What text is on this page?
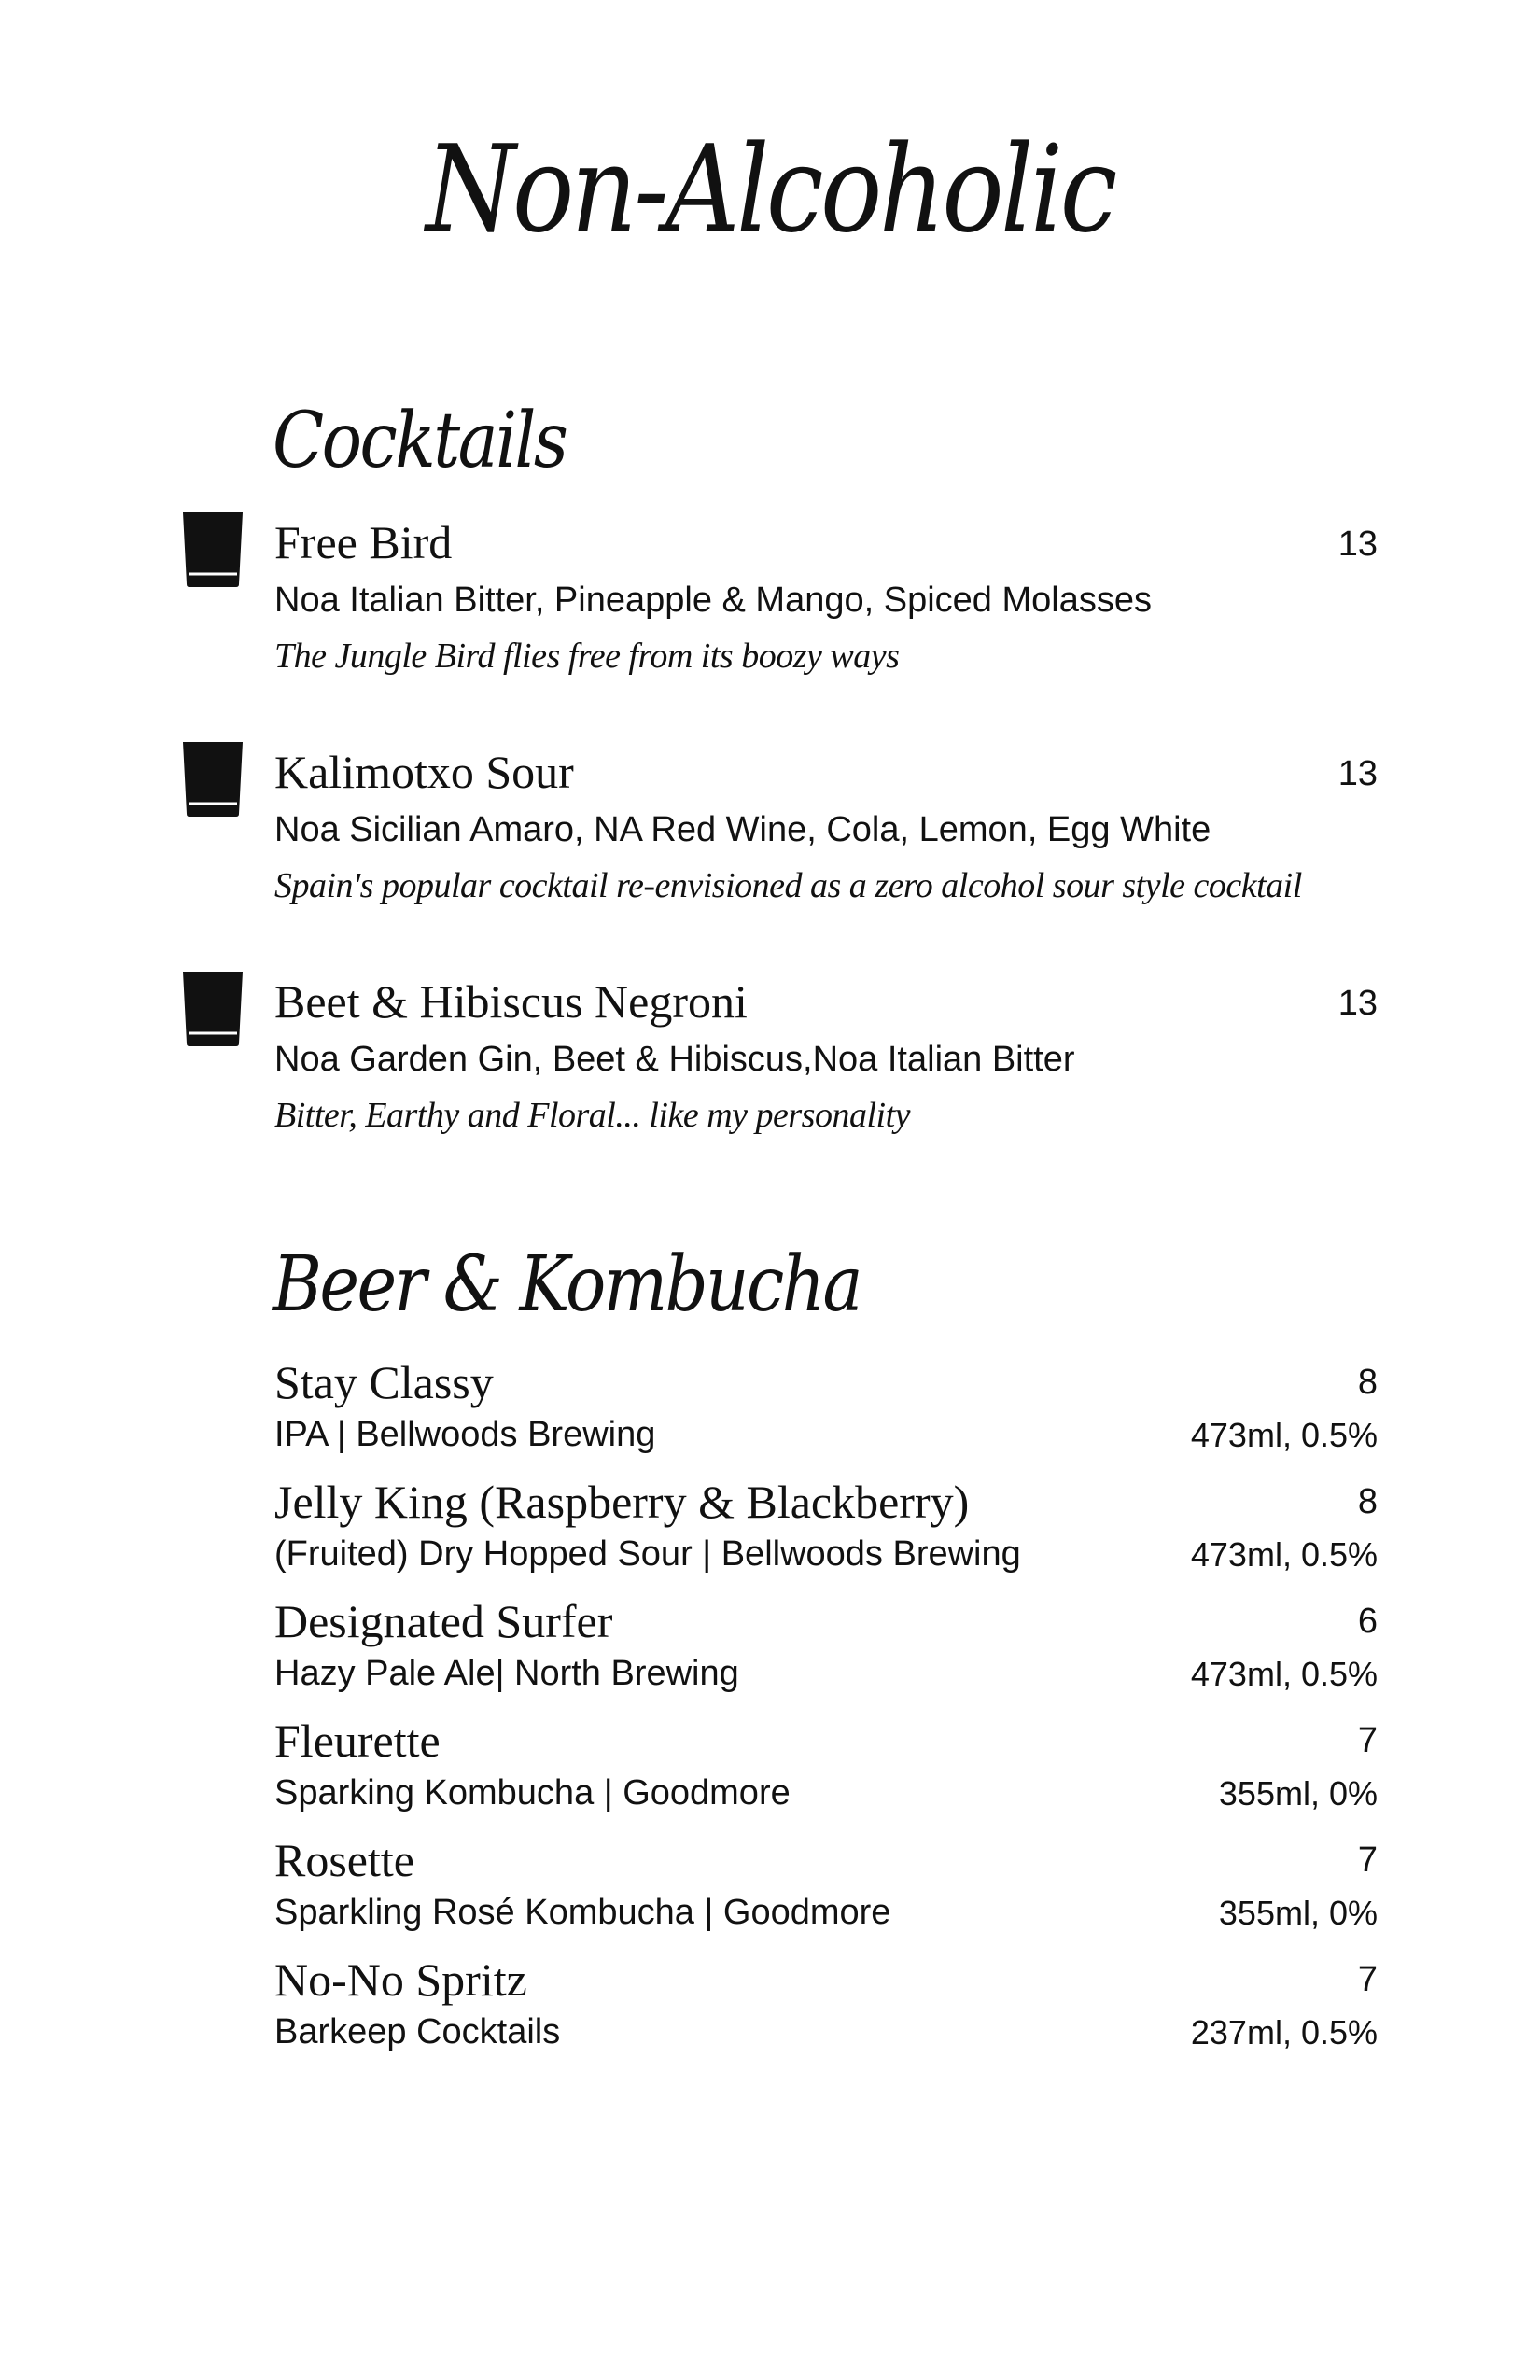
Non-Alcoholic
Cocktails
Free Bird	13
Noa Italian Bitter, Pineapple & Mango, Spiced Molasses
The Jungle Bird flies free from its boozy ways
Kalimotxo Sour	13
Noa Sicilian Amaro, NA Red Wine, Cola, Lemon, Egg White
Spain's popular cocktail re-envisioned as a zero alcohol sour style cocktail
Beet & Hibiscus Negroni	13
Noa Garden Gin, Beet & Hibiscus,Noa Italian Bitter
Bitter, Earthy and Floral... like my personality
Beer & Kombucha
Stay Classy	8
IPA | Bellwoods Brewing	473ml, 0.5%
Jelly King (Raspberry & Blackberry)	8
(Fruited) Dry Hopped Sour | Bellwoods Brewing	473ml, 0.5%
Designated Surfer	6
Hazy Pale Ale| North Brewing	473ml, 0.5%
Fleurette	7
Sparking Kombucha | Goodmore	355ml, 0%
Rosette	7
Sparkling Rosé Kombucha | Goodmore	355ml, 0%
No-No Spritz	7
Barkeep Cocktails	237ml, 0.5%
